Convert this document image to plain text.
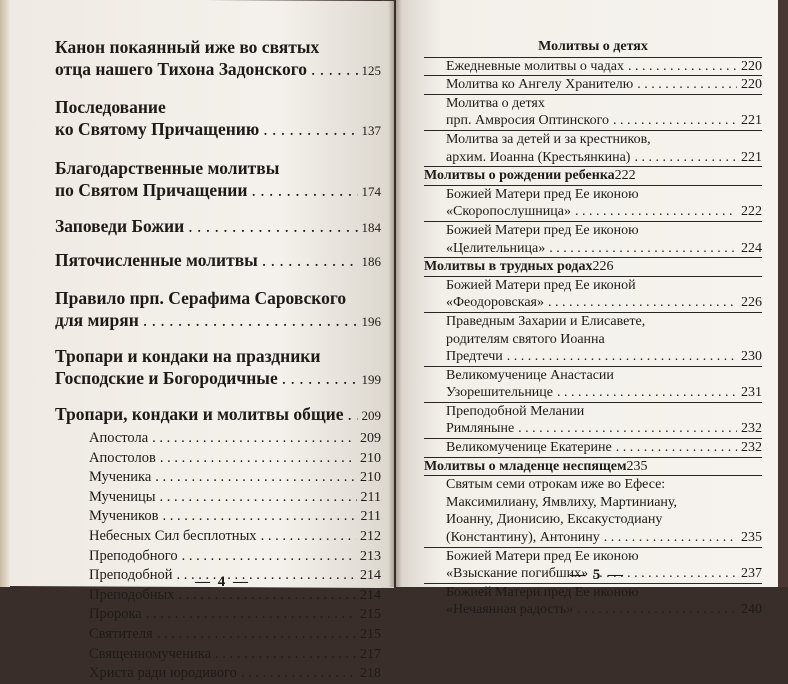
Канон покаянный иже во святых
отца нашего Тихона Задонского . . .	125
Последование
ко Святому Причащению . . .	137
Благодарственные молитвы
по Святом Причащении . . .	174
Заповеди Божии . . .	184
Пяточисленные молитвы . . .	186
Правило прп. Серафима Саровского
для мирян . . .	196
Тропари и кондаки на праздники
Господские и Богородичные . . .	199
Тропари, кондаки и молитвы общие . . . 209
Апостола . . .	209
Апостолов . . .	210
Мученика . . .	210
Мученицы . . .	211
Мучеников . . .	211
Небесных Сил бесплотных . . .	212
Преподобного . . .	213
Преподобной . . .	214
Преподобных . . .	214
Пророка . . .	215
Святителя . . .	215
Священномученика . . .	217
Христа ради юродивого . . .	218
— 4 —
Молитвы о детях
Ежедневные молитвы о чадах . . .	220
Молитва ко Ангелу Хранителю . . .	220
Молитва о детях
прп. Амвросия Оптинского . . .	221
Молитва за детей и за крестников,
архим. Иоанна (Крестьянкина) . . .	221
Молитвы о рождении ребенка 222
Божией Матери пред Ее иконою
«Скоропослушница» . . .	222
Божией Матери пред Ее иконою
«Целительница» . . .	224
Молитвы в трудных родах 226
Божией Матери пред Ее иконой
«Феодоровская» . . .	226
Праведным Захарии и Елисавете,
родителям святого Иоанна
Предтечи . . .	230
Великомученице Анастасии
Узорешительнице . . .	231
Преподобной Мелании
Римляныне . . .	232
Великомученице Екатерине . . .	232
Молитвы о младенце неспящем 235
Святым семи отрокам иже во Ефесе:
Максимилиану, Ямвлиху, Мартиниану,
Иоанну, Дионисию, Ексакустодиану
(Константину), Антонину . . .	235
Божией Матери пред Ее иконою
«Взыскание погибших» . . .	237
Божией Матери пред Ее иконою
«Нечаянная радость» . . .	240
— 5 —
